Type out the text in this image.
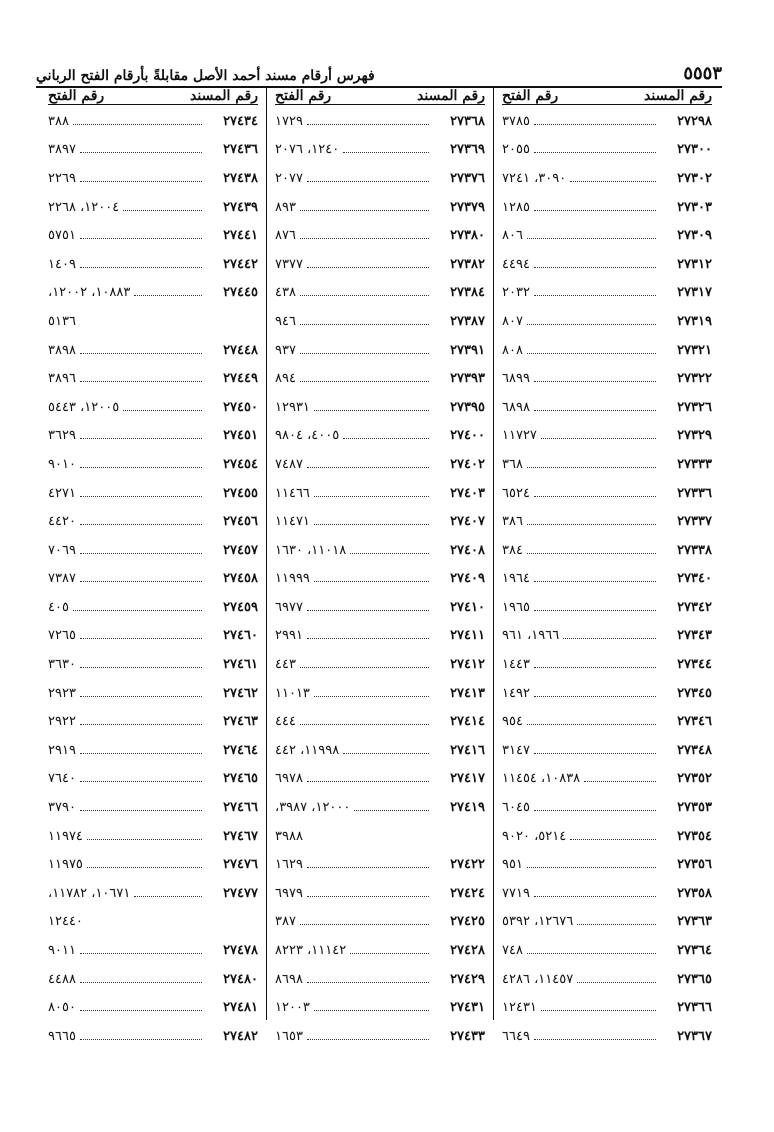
٥٥٥٣
فهرس أرقام مسند أحمد الأصل مقابلةً بأرقام الفتح الرباني
رقم المسند
رقم الفتح
٢٧٢٩٨
٣٧٨٥
٢٧٣٠٠
٢٠٥٥
٢٧٣٠٢
٣٠٩٠، ٧٢٤١
٢٧٣٠٣
١٢٨٥
٢٧٣٠٩
٨٠٦
٢٧٣١٢
٤٤٩٤
٢٧٣١٧
٢٠٣٢
٢٧٣١٩
٨٠٧
٢٧٣٢١
٨٠٨
٢٧٣٢٢
٦٨٩٩
٢٧٣٢٦
٦٨٩٨
٢٧٣٢٩
١١٧٢٧
٢٧٣٣٣
٣٦٨
٢٧٣٣٦
٦٥٢٤
٢٧٣٣٧
٣٨٦
٢٧٣٣٨
٣٨٤
٢٧٣٤٠
١٩٦٤
٢٧٣٤٢
١٩٦٥
٢٧٣٤٣
١٩٦٦، ٩٦١
٢٧٣٤٤
١٤٤٣
٢٧٣٤٥
١٤٩٢
٢٧٣٤٦
٩٥٤
٢٧٣٤٨
٣١٤٧
٢٧٣٥٢
١٠٨٣٨، ١١٤٥٤
٢٧٣٥٣
٦٠٤٥
٢٧٣٥٤
٥٢١٤، ٩٠٢٠
٢٧٣٥٦
٩٥١
٢٧٣٥٨
٧٧١٩
٢٧٣٦٣
١٢٦٧٦، ٥٣٩٢
٢٧٣٦٤
٧٤٨
٢٧٣٦٥
١١٤٥٧، ٤٢٨٦
٢٧٣٦٦
١٢٤٣١
٢٧٣٦٧
٦٦٤٩
رقم المسند
رقم الفتح
٢٧٣٦٨
١٧٢٩
٢٧٣٦٩
١٢٤٠، ٢٠٧٦
٢٧٣٧٦
٢٠٧٧
٢٧٣٧٩
٨٩٣
٢٧٣٨٠
٨٧٦
٢٧٣٨٢
٧٣٧٧
٢٧٣٨٤
٤٣٨
٢٧٣٨٧
٩٤٦
٢٧٣٩١
٩٣٧
٢٧٣٩٣
٨٩٤
٢٧٣٩٥
١٢٩٣١
٢٧٤٠٠
٤٠٠٥، ٩٨٠٤
٢٧٤٠٢
٧٤٨٧
٢٧٤٠٣
١١٤٦٦
٢٧٤٠٧
١١٤٧١
٢٧٤٠٨
١١٠١٨، ١٦٣٠
٢٧٤٠٩
١١٩٩٩
٢٧٤١٠
٦٩٧٧
٢٧٤١١
٢٩٩١
٢٧٤١٢
٤٤٣
٢٧٤١٣
١١٠١٣
٢٧٤١٤
٤٤٤
٢٧٤١٦
١١٩٩٨، ٤٤٢
٢٧٤١٧
٦٩٧٨
٢٧٤١٩
١٢٠٠٠، ٣٩٨٧،
٣٩٨٨
٢٧٤٢٢
١٦٢٩
٢٧٤٢٤
٦٩٧٩
٢٧٤٢٥
٣٨٧
٢٧٤٢٨
١١١٤٢، ٨٢٢٣
٢٧٤٢٩
٨٦٩٨
٢٧٤٣١
١٢٠٠٣
٢٧٤٣٣
١٦٥٣
رقم المسند
رقم الفتح
٢٧٤٣٤
٣٨٨
٢٧٤٣٦
٣٨٩٧
٢٧٤٣٨
٢٢٦٩
٢٧٤٣٩
١٢٠٠٤، ٢٢٦٨
٢٧٤٤١
٥٧٥١
٢٧٤٤٢
١٤٠٩
٢٧٤٤٥
١٠٨٨٣، ١٢٠٠٢،
٥١٣٦
٢٧٤٤٨
٣٨٩٨
٢٧٤٤٩
٣٨٩٦
٢٧٤٥٠
١٢٠٠٥، ٥٤٤٣
٢٧٤٥١
٣٦٢٩
٢٧٤٥٤
٩٠١٠
٢٧٤٥٥
٤٢٧١
٢٧٤٥٦
٤٤٢٠
٢٧٤٥٧
٧٠٦٩
٢٧٤٥٨
٧٣٨٧
٢٧٤٥٩
٤٠٥
٢٧٤٦٠
٧٢٦٥
٢٧٤٦١
٣٦٣٠
٢٧٤٦٢
٢٩٢٣
٢٧٤٦٣
٢٩٢٢
٢٧٤٦٤
٢٩١٩
٢٧٤٦٥
٧٦٤٠
٢٧٤٦٦
٣٧٩٠
٢٧٤٦٧
١١٩٧٤
٢٧٤٧٦
١١٩٧٥
٢٧٤٧٧
١٠٦٧١، ١١٧٨٢،
١٢٤٤٠
٢٧٤٧٨
٩٠١١
٢٧٤٨٠
٤٤٨٨
٢٧٤٨١
٨٠٥٠
٢٧٤٨٢
٩٦٦٥
